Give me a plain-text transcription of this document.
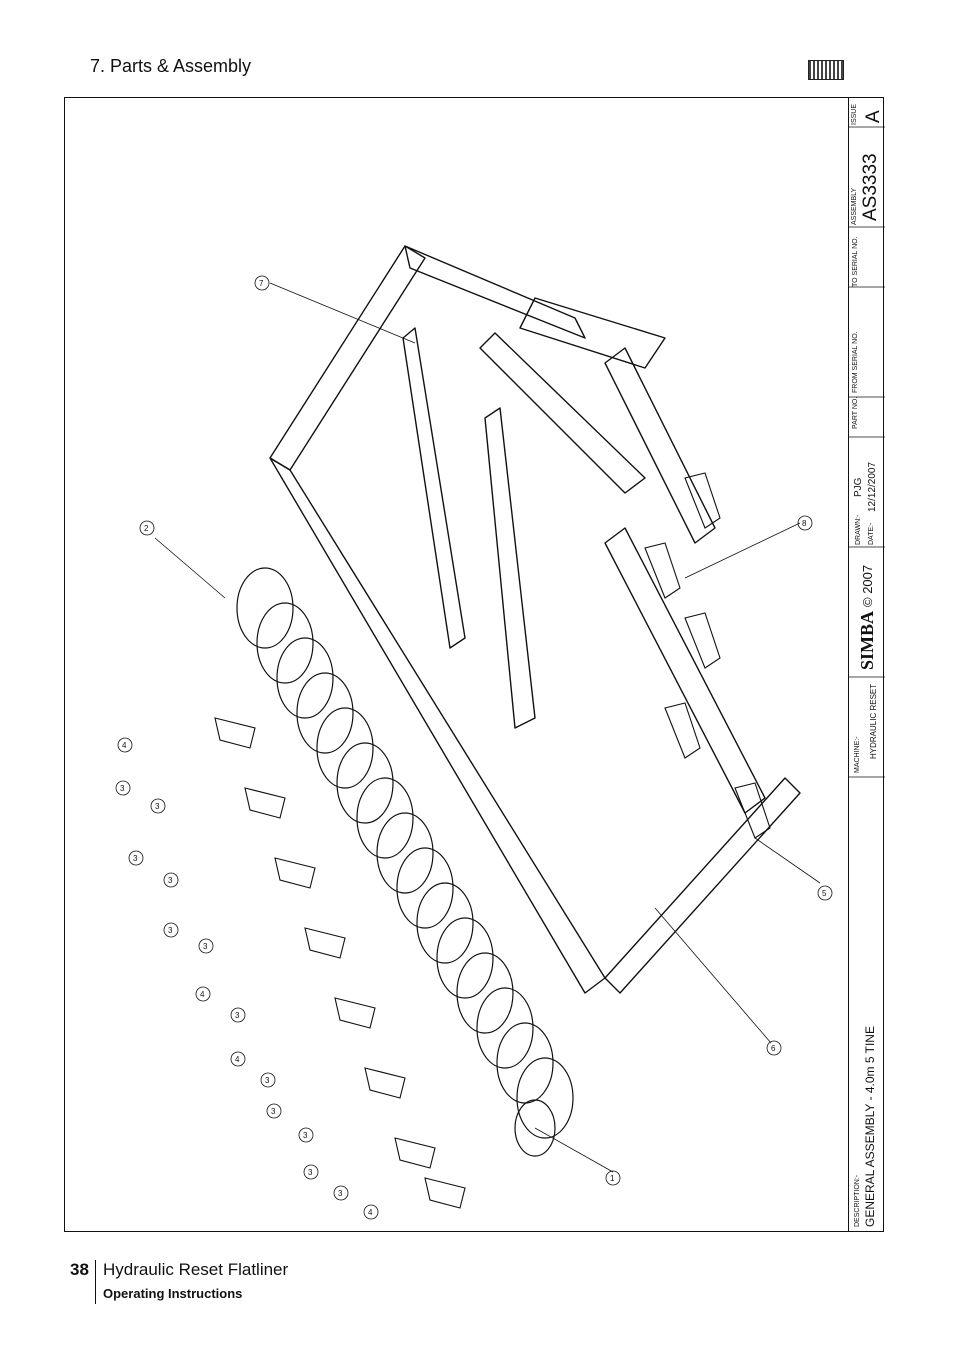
7. Parts & Assembly
7
2
8
4
3
3
3
3
3
3
4
3
4
3
3
3
3
3
4
6
5
1
ISSUE A
ASSEMBLY AS3333
TO SERIAL NO.
FROM SERIAL NO.
PART NO.
DRAWN:-
PJG
DATE:-
12/12/2007
SIMBA
© 2007
MACHINE:- HYDRAULIC RESET
DESCRIPTION:- GENERAL ASSEMBLY - 4.0m 5 TINE
38 Hydraulic Reset Flatliner
Operating Instructions
